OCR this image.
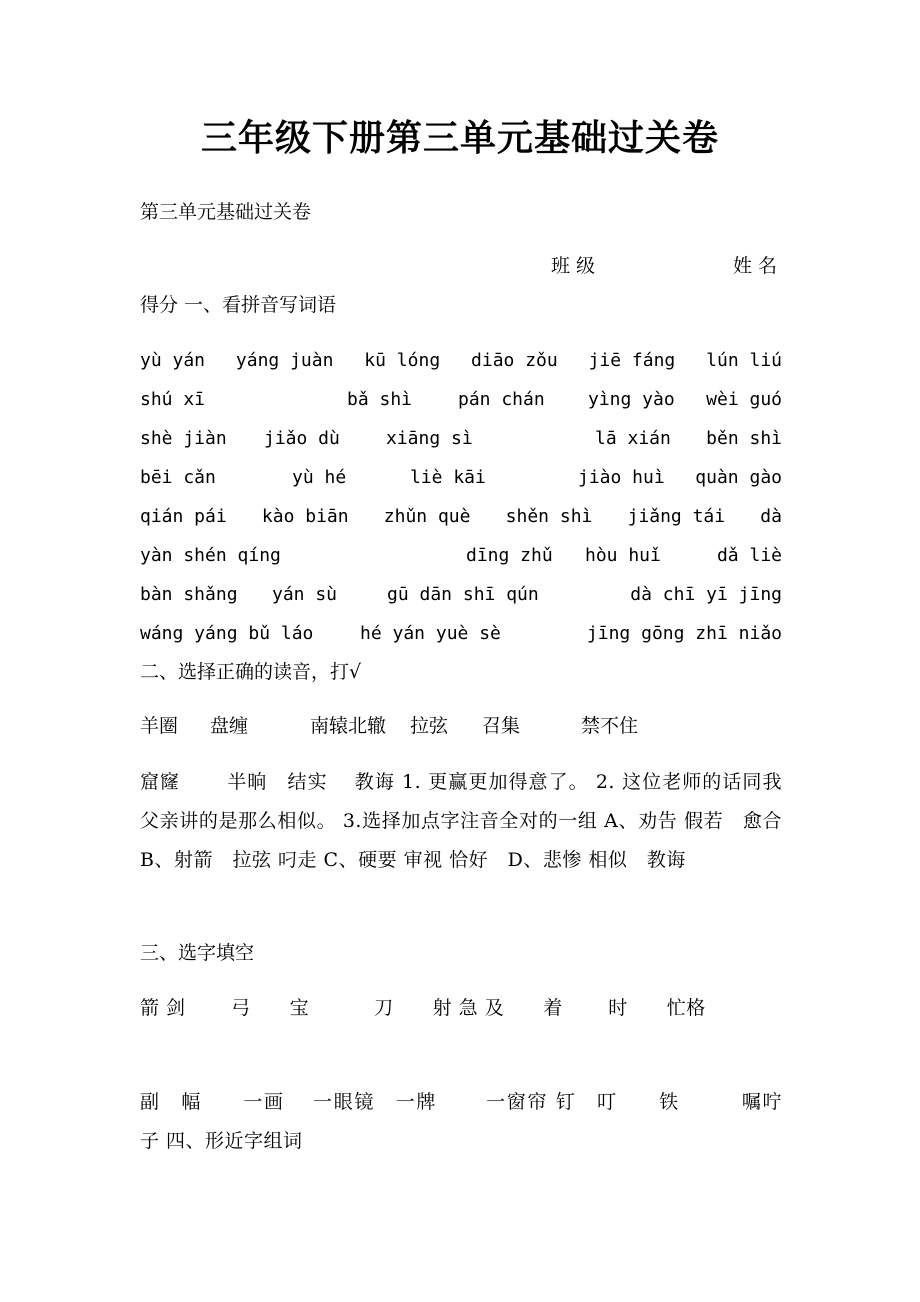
三年级下册第三单元基础过关卷
第三单元基础过关卷
班 级	姓 名
得分 一、看拼音写词语
yù yán yáng juàn kū lóng diāo zǒu jiē fáng lún liú
shú xī	bǎ shì	pán chán yìng yào wèi guó
shè jiàn jiǎo dù	xiāng sì	lā xián běn shì
bēi cǎn	yù hé	liè kāi	jiào huì quàn gào
qián pái kào biān zhǔn què shěn shì jiǎng tái dà
yàn shén qíng	dīng zhǔ hòu huǐ	dǎ liè
bàn shǎng yán sù	gū dān shī qún	dà chī yī jīng
wáng yáng bǔ láo	hé yán yuè sè	jīng gōng zhī niǎo
二、选择正确的读音，打√
羊圈 盘缠	南辕北辙 拉弦 召集	禁不住
窟窿　　 半晌　结实　 教诲 1. 更赢更加得意了。 2. 这位老师的话同我父亲讲的是那么相似。 3.选择加点字注音全对的一组 A、劝告 假若　愈合 B、射箭　拉弦 叼走 C、硬要 审视 恰好　D、悲惨 相似　教诲
三、选字填空
箭 剑　　 弓　　宝　　　 刀　　射 急 及　　着　　 时　　忙格
副　幅　　一画　 一眼镜　一牌　　 一窗帘 钉　叮　　铁　　　嘱咛　　　子 四、形近字组词
